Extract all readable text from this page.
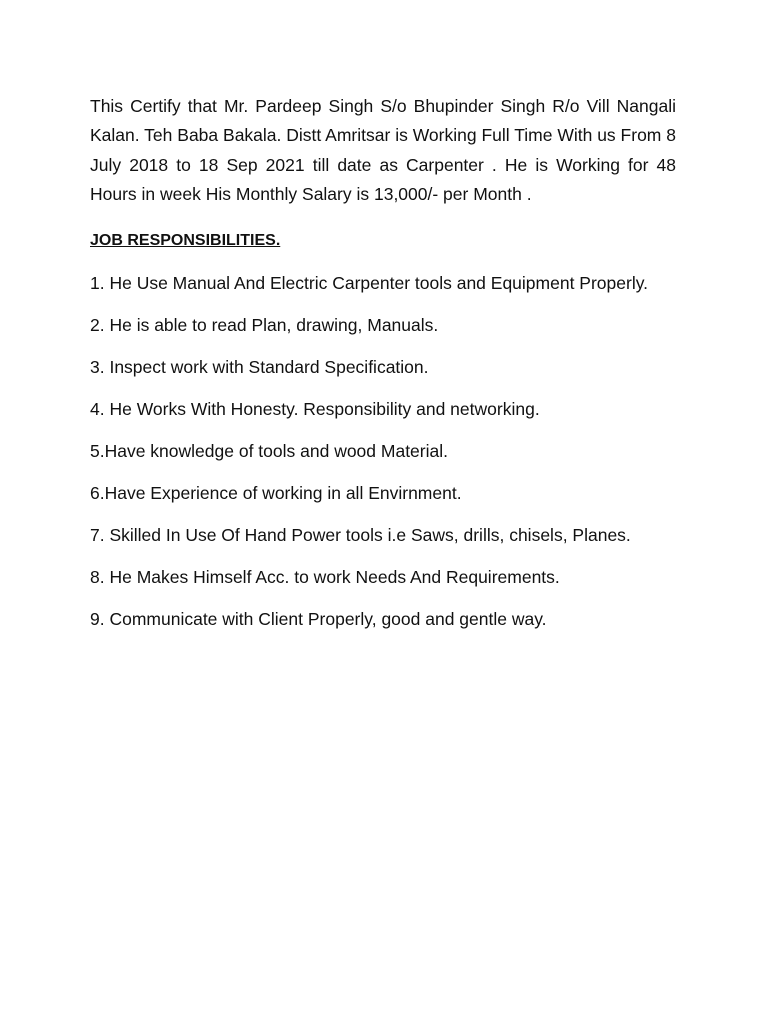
This Certify that Mr. Pardeep Singh S/o Bhupinder Singh R/o Vill Nangali Kalan. Teh Baba Bakala. Distt Amritsar is Working Full Time With us From 8 July 2018 to 18 Sep 2021 till date as Carpenter . He is Working for 48 Hours in week His Monthly Salary is 13,000/- per Month .

JOB RESPONSIBILITIES.
1. He Use Manual And Electric Carpenter tools and Equipment Properly.
2. He is able to read Plan, drawing, Manuals.
3. Inspect work with Standard Specification.
4. He Works With Honesty. Responsibility and networking.
5.Have knowledge of tools and wood Material.
6.Have Experience of working in all Envirnment.
7. Skilled In Use Of Hand Power tools i.e Saws, drills, chisels, Planes.
8. He Makes Himself Acc. to work Needs And Requirements.
9. Communicate with Client Properly, good and gentle way.
